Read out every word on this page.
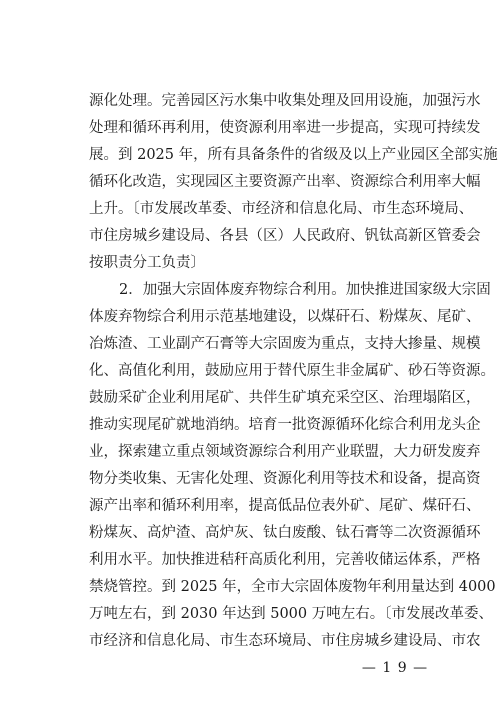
源化处理。完善园区污水集中收集处理及回用设施，加强污水
处理和循环再利用，使资源利用率进一步提高，实现可持续发
展。到 2025 年，所有具备条件的省级及以上产业园区全部实施
循环化改造，实现园区主要资源产出率、资源综合利用率大幅
上升。〔市发展改革委、市经济和信息化局、市生态环境局、
市住房城乡建设局、各县（区）人民政府、钒钛高新区管委会
按职责分工负责〕
2．加强大宗固体废弃物综合利用。加快推进国家级大宗固
体废弃物综合利用示范基地建设，以煤矸石、粉煤灰、尾矿、
冶炼渣、工业副产石膏等大宗固废为重点，支持大掺量、规模
化、高值化利用，鼓励应用于替代原生非金属矿、砂石等资源。
鼓励采矿企业利用尾矿、共伴生矿填充采空区、治理塌陷区，
推动实现尾矿就地消纳。培育一批资源循环化综合利用龙头企
业，探索建立重点领域资源综合利用产业联盟，大力研发废弃
物分类收集、无害化处理、资源化利用等技术和设备，提高资
源产出率和循环利用率，提高低品位表外矿、尾矿、煤矸石、
粉煤灰、高炉渣、高炉灰、钛白废酸、钛石膏等二次资源循环
利用水平。加快推进秸秆高质化利用，完善收储运体系，严格
禁烧管控。到 2025 年，全市大宗固体废物年利用量达到 4000
万吨左右，到 2030 年达到 5000 万吨左右。〔市发展改革委、
市经济和信息化局、市生态环境局、市住房城乡建设局、市农
— 1 9 —
